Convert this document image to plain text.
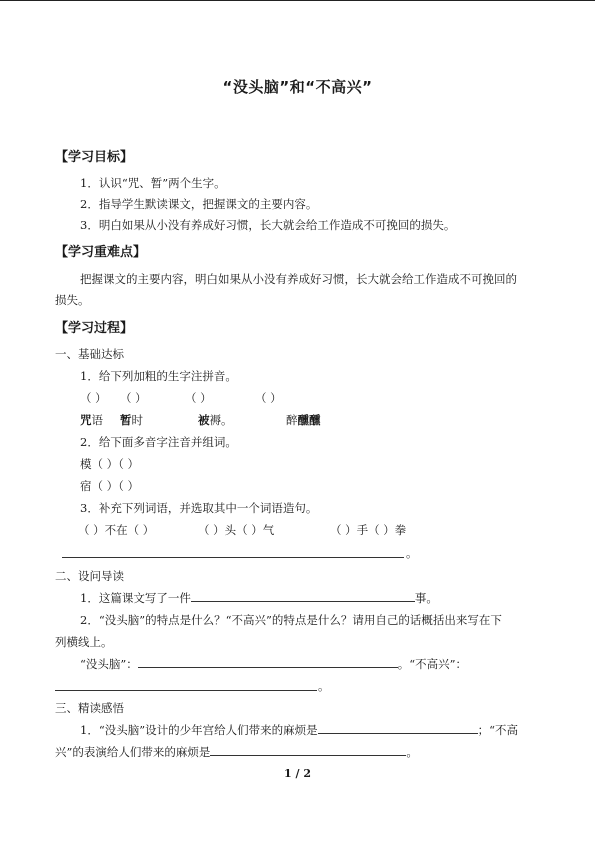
“没头脑”和“不高兴”
【学习目标】
1．认识“咒、暂”两个生字。
2．指导学生默读课文，把握课文的主要内容。
3．明白如果从小没有养成好习惯，长大就会给工作造成不可挽回的损失。
【学习重难点】
把握课文的主要内容，明白如果从小没有养成好习惯，长大就会给工作造成不可挽回的
损失。
【学习过程】
一、基础达标
1．给下列加粗的生字注拼音。
（ ） （ ）	（ ）	（ ）
咒语 暂时	被褥。	醉醺醺
2．给下面多音字注音并组词。
模（ ）（ ）
宿（ ）（ ）
3．补充下列词语，并选取其中一个词语造句。
（ ）不在（ ）	（ ）头（ ）气	（ ）手（ ）拳
。
二、设问导读
1．这篇课文写了一件	事。
2．“没头脑”的特点是什么？“不高兴”的特点是什么？请用自己的话概括出来写在下
列横线上。
“没头脑”：	。“不高兴”：
。
三、精读感悟
1．“没头脑”设计的少年宫给人们带来的麻烦是	；“不高
兴”的表演给人们带来的麻烦是	。
1 / 2
